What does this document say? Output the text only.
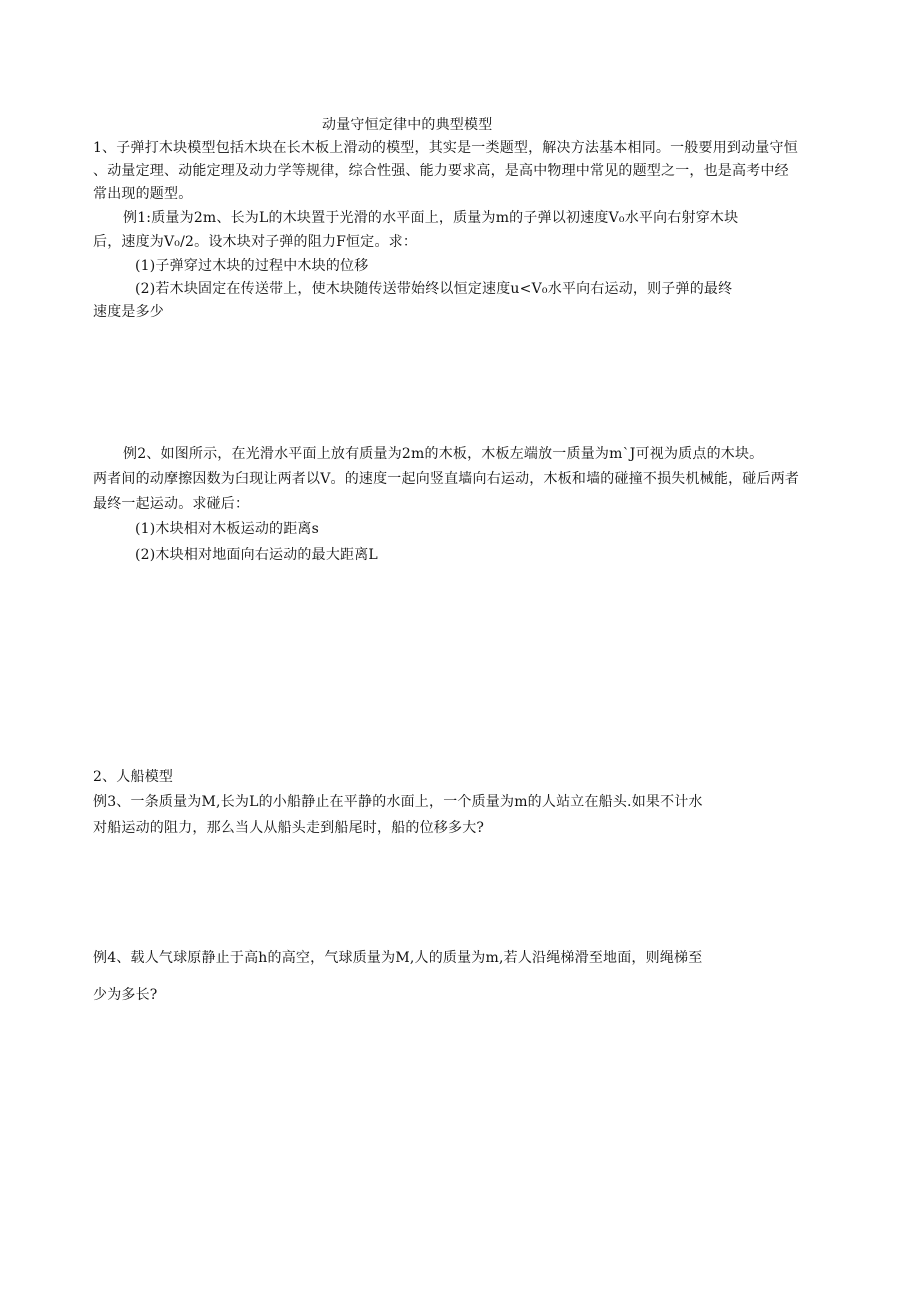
动量守恒定律中的典型模型
1、子弹打木块模型包括木块在长木板上滑动的模型，其实是一类题型，解决方法基本相同。一般要用到动量守恒
、动量定理、动能定理及动力学等规律，综合性强、能力要求高，是高中物理中常见的题型之一，也是高考中经
常出现的题型。
例1:质量为2m、长为L的木块置于光滑的水平面上，质量为m的子弹以初速度V₀水平向右射穿木块
后，速度为V₀/2。设木块对子弹的阻力F恒定。求：
(1)子弹穿过木块的过程中木块的位移
(2)若木块固定在传送带上，使木块随传送带始终以恒定速度u<V₀水平向右运动，则子弹的最终
速度是多少
例2、如图所示，在光滑水平面上放有质量为2m的木板，木板左端放一质量为m`J可视为质点的木块。
两者间的动摩擦因数为臼现让两者以V。的速度一起向竖直墙向右运动，木板和墙的碰撞不损失机械能，碰后两者
最终一起运动。求碰后：
(1)木块相对木板运动的距离s
(2)木块相对地面向右运动的最大距离L
2、人船模型
例3、一条质量为M,长为L的小船静止在平静的水面上，一个质量为m的人站立在船头.如果不计水
对船运动的阻力，那么当人从船头走到船尾时，船的位移多大?
例4、载人气球原静止于高h的高空，气球质量为M,人的质量为m,若人沿绳梯滑至地面，则绳梯至
少为多长?
